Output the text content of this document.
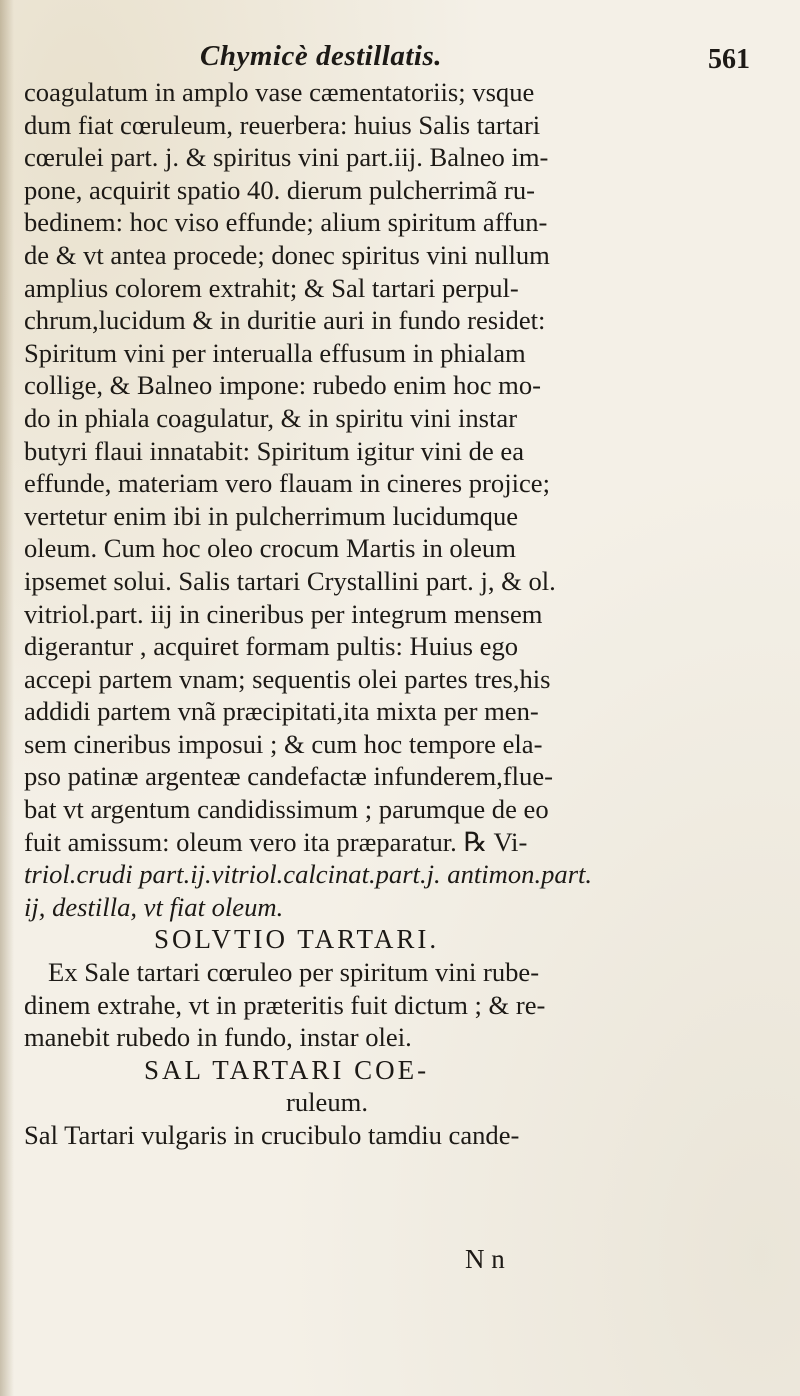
Chymicè destillatis.	561
coagulatum in amplo vase cæmentatoriis; vsque
dum fiat cœruleum, reuerbera: huius Salis tartari
cœrulei part. j. & spiritus vini part.iij. Balneo im-
pone, acquirit spatio 40. dierum pulcherrimã ru-
bedinem: hoc viso effunde; alium spiritum affun-
de & vt antea procede; donec spiritus vini nullum
amplius colorem extrahit; & Sal tartari perpul-
chrum,lucidum & in duritie auri in fundo residet:
Spiritum vini per interualla effusum in phialam
collige, & Balneo impone: rubedo enim hoc mo-
do in phiala coagulatur, & in spiritu vini instar
butyri flaui innatabit: Spiritum igitur vini de ea
effunde, materiam vero flauam in cineres projice;
vertetur enim ibi in pulcherrimum lucidumque
oleum. Cum hoc oleo crocum Martis in oleum
ipsemet solui. Salis tartari Crystallini part. j, & ol.
vitriol.part. iij in cineribus per integrum mensem
digerantur , acquiret formam pultis: Huius ego
accepi partem vnam; sequentis olei partes tres,his
addidi partem vnã præcipitati,ita mixta per men-
sem cineribus imposui ; & cum hoc tempore ela-
pso patinæ argenteæ candefactæ infunderem,flue-
bat vt argentum candidissimum ; parumque de eo
fuit amissum: oleum vero ita præparatur. ℞ Vi-
triol.crudi part.ij.vitriol.calcinat.part.j. antimon.part.
ij, destilla, vt fiat oleum.
SOLVTIO TARTARI.
Ex Sale tartari cœruleo per spiritum vini rube-
dinem extrahe, vt in præteritis fuit dictum ; & re-
manebit rubedo in fundo, instar olei.
SAL TARTARI COE-
ruleum.
Sal Tartari vulgaris in crucibulo tamdiu cande-
N n
